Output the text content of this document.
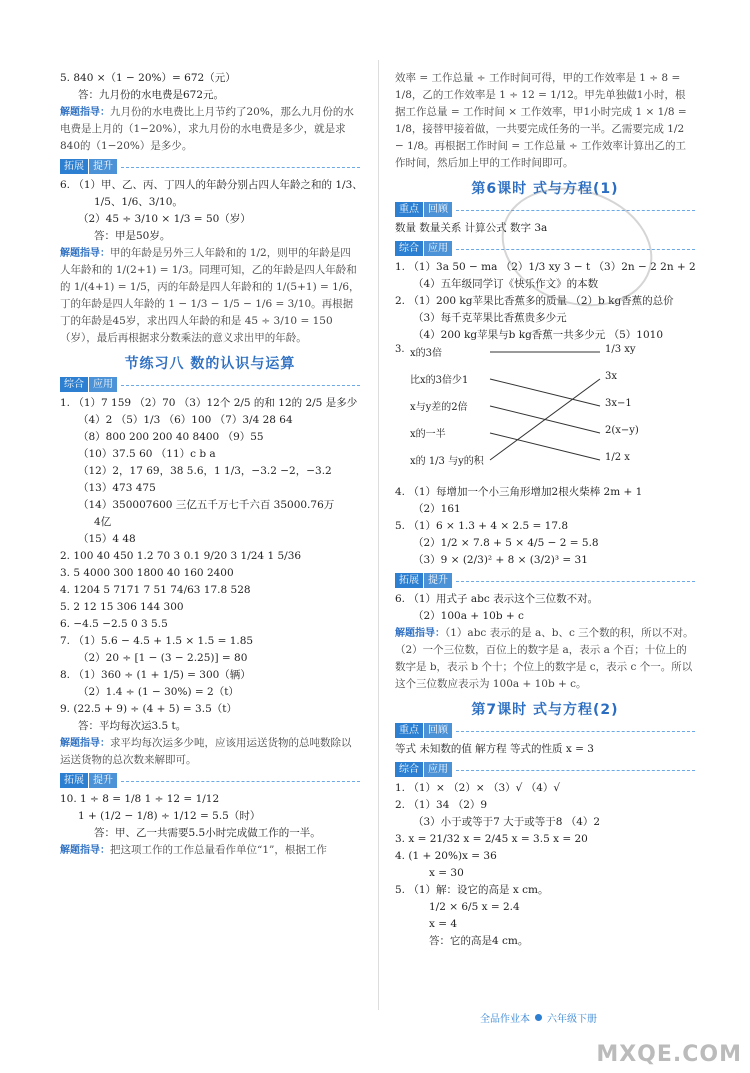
5. 840 ×（1 − 20%）= 672（元）
答：九月份的水电费是672元。
解题指导：九月份的水电费比上月节约了20%，那么九月份的水电费是上月的（1−20%），求九月份的水电费是多少，就是求840的（1−20%）是多少。
拓展 提升
6. （1）甲、乙、丙、丁四人的年龄分别占四人年龄之和的 1/3、
1/5、1/6、3/10。
（2）45 ÷ 3/10 × 1/3 = 50（岁）
答：甲是50岁。
解题指导：甲的年龄是另外三人年龄和的 1/2，则甲的年龄是四人年龄和的 1/(2+1) = 1/3。同理可知，乙的年龄是四人年龄和的 1/(4+1) = 1/5，丙的年龄是四人年龄和的 1/(5+1) = 1/6，丁的年龄是四人年龄的 1 − 1/3 − 1/5 − 1/6 = 3/10。再根据丁的年龄是45岁，求出四人年龄的和是 45 ÷ 3/10 = 150（岁），最后再根据求分数乘法的意义求出甲的年龄。
节练习八 数的认识与运算
综合 应用
1. （1）7 159 （2）70 （3）12个 2/5 的和 12的 2/5 是多少
（4）2 （5）1/3 （6）100 （7）3/4 28 64
（8）800 200 200 40 8400 （9）55
（10）37.5 60 （11）c b a
（12）2，17 69，38 5.6，1 1/3，−3.2 −2，−3.2
（13）473 475
（14）350007600 三亿五千万七千六百 35000.76万
4亿
（15）4 48
2. 100 40 450 1.2 70 3 0.1 9/20 3 1/24 1 5/36
3. 5 4000 300 1800 40 160 2400
4. 1204 5 7171 7 51 74/63 17.8 528
5. 2 12 15 306 144 300
6. −4.5 −2.5 0 3 5.5
7. （1）5.6 − 4.5 + 1.5 × 1.5 = 1.85
（2）20 ÷ [1 − (3 − 2.25)] = 80
8. （1）360 ÷ (1 + 1/5) = 300（辆）
（2）1.4 ÷ (1 − 30%) = 2（t）
9. (22.5 + 9) ÷ (4 + 5) = 3.5（t）
答：平均每次运3.5 t。
解题指导：求平均每次运多少吨，应该用运送货物的总吨数除以运送货物的总次数来解即可。
拓展 提升
10. 1 ÷ 8 = 1/8 1 ÷ 12 = 1/12
1 + (1/2 − 1/8) ÷ 1/12 = 5.5（时）
答：甲、乙一共需要5.5小时完成做工作的一半。
解题指导：把这项工作的工作总量看作单位“1”，根据工作
效率 = 工作总量 ÷ 工作时间可得，甲的工作效率是 1 ÷ 8 = 1/8，乙的工作效率是 1 ÷ 12 = 1/12。甲先单独做1小时，根据工作总量 = 工作时间 × 工作效率，甲1小时完成 1 × 1/8 = 1/8，接替甲接着做，一共要完成任务的一半。乙需要完成 1/2 − 1/8。再根据工作时间 = 工作总量 ÷ 工作效率计算出乙的工作时间，然后加上甲的工作时间即可。
第6课时 式与方程(1)
重点 回顾
数量 数量关系 计算公式 数字 3a
综合 应用
1. （1）3a 50 − ma （2）1/3 xy 3 − t （3）2n − 2 2n + 2
（4）五年级同学订《快乐作文》的本数
2. （1）200 kg苹果比香蕉多的质量 （2）b kg香蕉的总价
（3）每千克苹果比香蕉贵多少元
（4）200 kg苹果与b kg香蕉一共多少元 （5）1010
3. x的3倍
比x的3倍少1
x与y差的2倍
x的一半
x的 1/3 与y的积
1/3 xy
3x
3x−1
2(x−y)
1/2 x
4. （1）每增加一个小三角形增加2根火柴棒 2m + 1
（2）161
5. （1）6 × 1.3 + 4 × 2.5 = 17.8
（2）1/2 × 7.8 + 5 × 4/5 − 2 = 5.8
（3）9 × (2/3)² + 8 × (3/2)³ = 31
拓展 提升
6. （1）用式子 abc 表示这个三位数不对。
（2）100a + 10b + c
解题指导：（1）abc 表示的是 a、b、c 三个数的积，所以不对。（2）一个三位数，百位上的数字是 a，表示 a 个百；十位上的数字是 b，表示 b 个十；个位上的数字是 c，表示 c 个一。所以这个三位数应表示为 100a + 10b + c。
第7课时 式与方程(2)
重点 回顾
等式 未知数的值 解方程 等式的性质 x = 3
综合 应用
1. （1）× （2）× （3）√ （4）√
2. （1）34 （2）9
（3）小于或等于7 大于或等于8 （4）2
3. x = 21/32 x = 2/45 x = 3.5 x = 20
4. (1 + 20%)x = 36
x = 30
5. （1）解：设它的高是 x cm。
1/2 × 6/5 x = 2.4
x = 4
答：它的高是4 cm。
全品作业本 六年级下册
MXQE.COM
